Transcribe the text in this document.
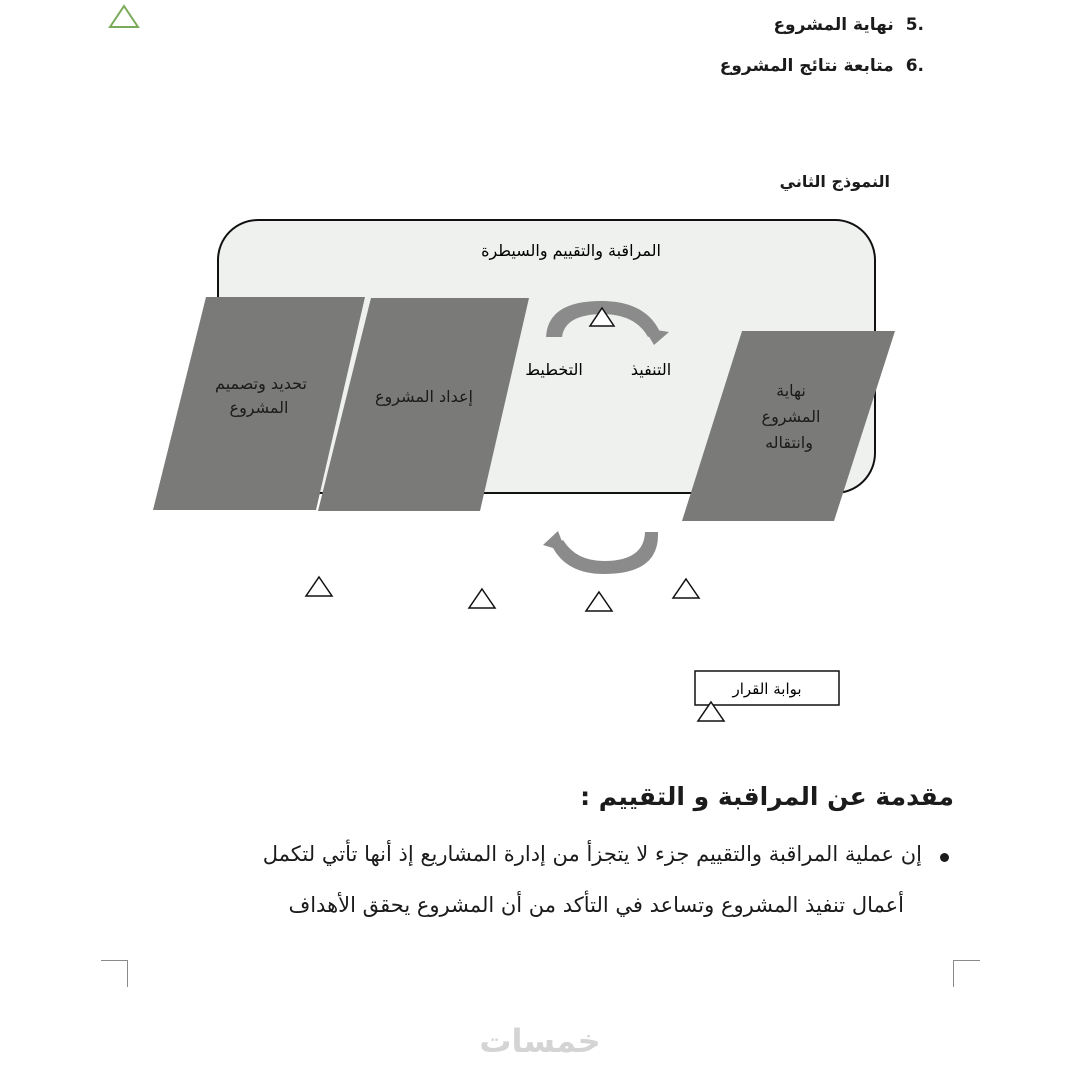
5.
نهاية المشروع
6.
متابعة نتائج المشروع
النموذج الثاني
المراقبة والتقييم والسيطرة
التخطيط	التنفيذ
تحديد وتصميم
المشروع
إعداد المشروع	نهاية
المشروع
وانتقاله
بوابة القرار
مقدمة عن المراقبة و التقييم :
إن عملية المراقبة والتقييم جزء لا يتجزأ من إدارة المشاريع إذ أنها تأتي لتكمل
أعمال تنفيذ المشروع وتساعد في التأكد من أن المشروع يحقق الأهداف
خمسات
